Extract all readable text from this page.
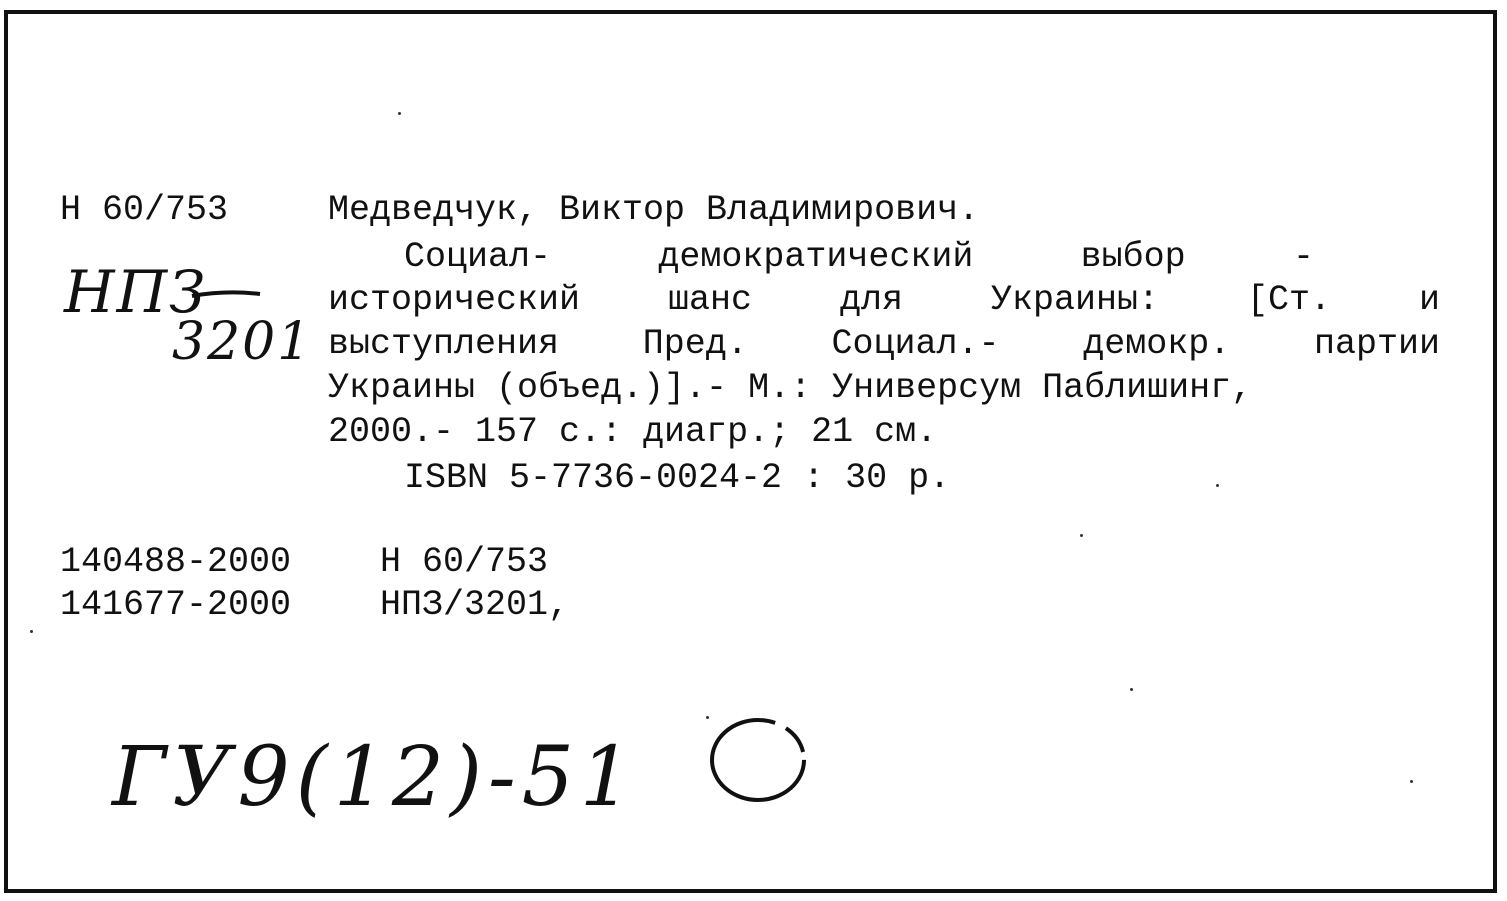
Н 60/753
НПЗ
3201
Медведчук, Виктор Владимирович.
Социал-	демократический	выбор	-
исторический	шанс	для	Украины:	[Ст.	и
выступления Пред. Социал.- демокр. партии
Украины (объед.)].- М.: Универсум Паблишинг,
2000.- 157 с.: диагр.; 21 см.
ISBN 5-7736-0024-2 : 30 р.
140488-2000	Н 60/753
141677-2000	НПЗ/3201,
ГУ9(12)-51
